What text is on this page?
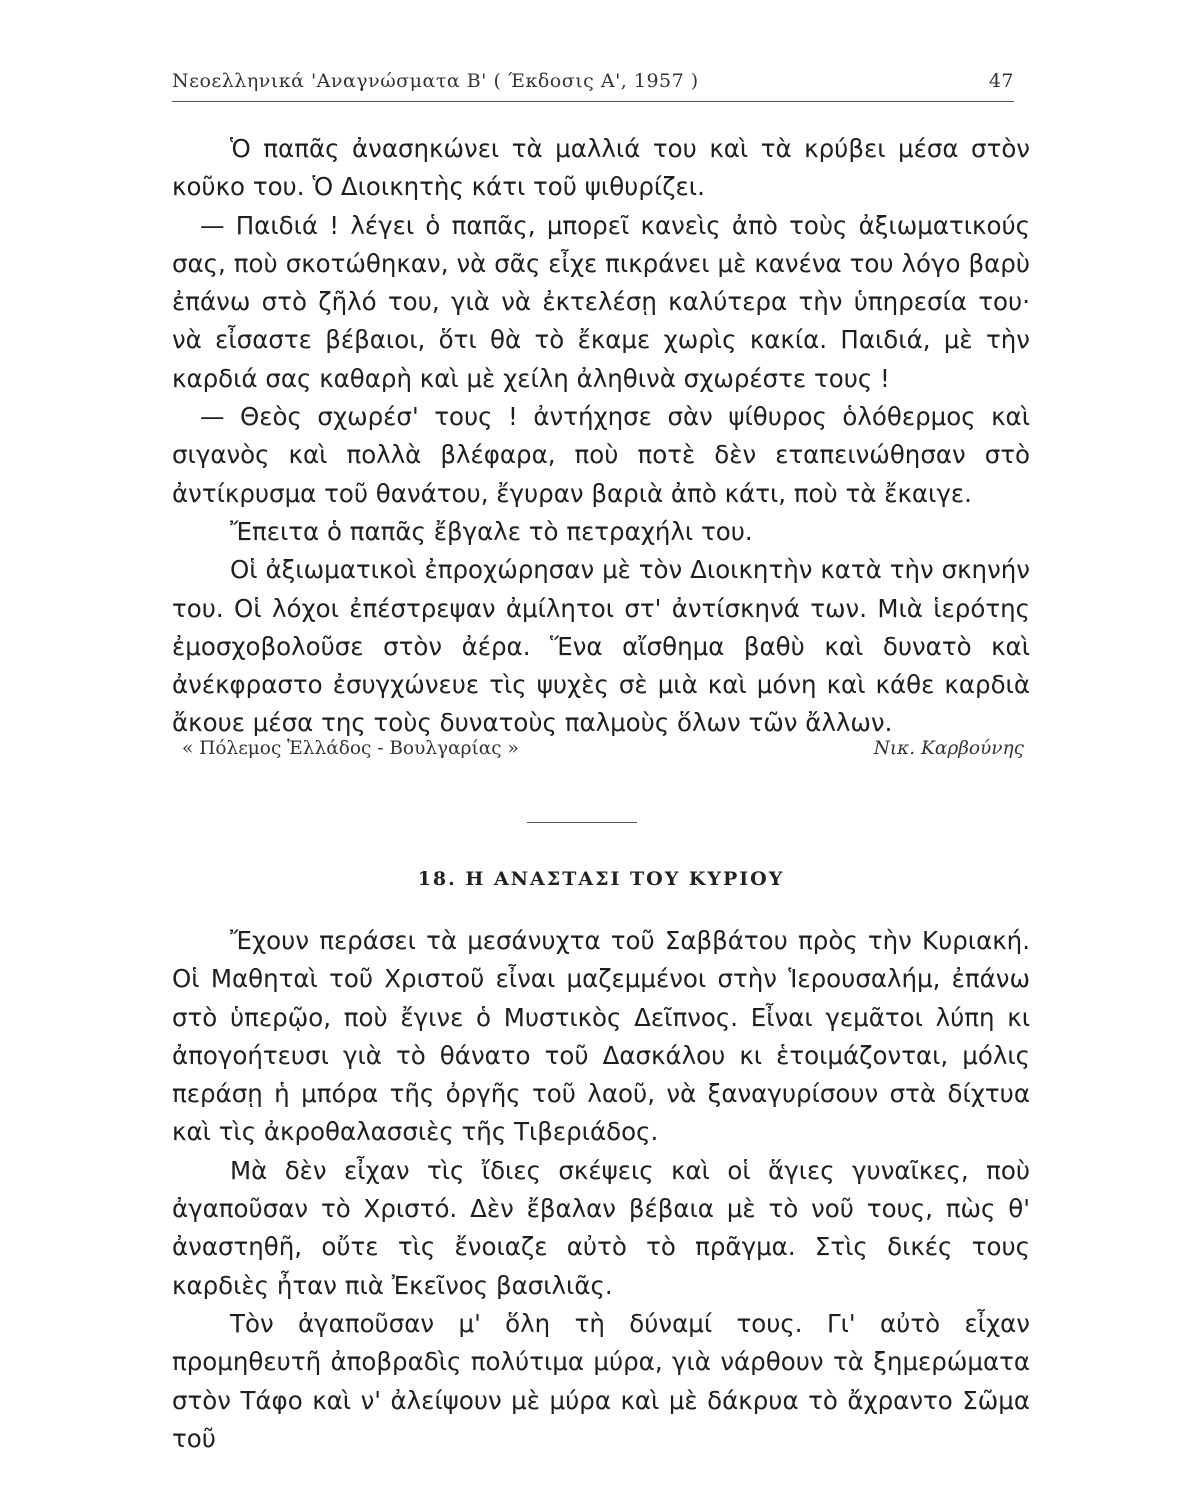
Νεοελληνικά 'Αναγνώσματα Β' ( Έκδοσις Α', 1957 )	47

Ὁ παπᾶς ἀνασηκώνει τὰ μαλλιά του καὶ τὰ κρύβει μέσα στὸν κοῦκο του. Ὁ Διοικητὴς κάτι τοῦ ψιθυρίζει.

— Παιδιά ! λέγει ὁ παπᾶς, μπορεῖ κανεὶς ἀπὸ τοὺς ἀξιωματικούς σας, ποὺ σκοτώθηκαν, νὰ σᾶς εἶχε πικράνει μὲ κανένα του λόγο βαρὺ ἐπάνω στὸ ζῆλό του, γιὰ νὰ ἐκτελέσῃ καλύτερα τὴν ὑπηρεσία του· νὰ εἶσαστε βέβαιοι, ὅτι θὰ τὸ ἔκαμε χωρὶς κακία. Παιδιά, μὲ τὴν καρδιά σας καθαρὴ καὶ μὲ χείλη ἀληθινὰ σχωρέστε τους !

— Θεὸς σχωρέσ' τους ! ἀντήχησε σὰν ψίθυρος ὁλόθερμος καὶ σιγανὸς καὶ πολλὰ βλέφαρα, ποὺ ποτὲ δὲν εταπεινώθησαν στὸ ἀντίκρυσμα τοῦ θανάτου, ἔγυραν βαριὰ ἀπὸ κάτι, ποὺ τὰ ἔκαιγε.

Ἔπειτα ὁ παπᾶς ἔβγαλε τὸ πετραχήλι του.

Οἱ ἀξιωματικοὶ ἐπροχώρησαν μὲ τὸν Διοικητὴν κατὰ τὴν σκηνήν του. Οἱ λόχοι ἐπέστρεψαν ἀμίλητοι στ' ἀντίσκηνά των. Μιὰ ἱερότης ἐμοσχοβολοῦσε στὸν ἀέρα. Ἕνα αἴσθημα βαθὺ καὶ δυνατὸ καὶ ἀνέκφραστο ἐσυγχώνευε τὶς ψυχὲς σὲ μιὰ καὶ μόνη καὶ κάθε καρδιὰ ἄκουε μέσα της τοὺς δυνατοὺς παλμοὺς ὅλων τῶν ἄλλων.

« Πόλεμος Ἑλλάδος - Βουλγαρίας »	Νικ. Καρβούνης
18. Η ΑΝΑΣΤΑΣΙ ΤΟΥ ΚΥΡΙΟΥ

Ἔχουν περάσει τὰ μεσάνυχτα τοῦ Σαββάτου πρὸς τὴν Κυριακή. Οἱ Μαθηταὶ τοῦ Χριστοῦ εἶναι μαζεμμένοι στὴν Ἱερουσαλήμ, ἐπάνω στὸ ὑπερῷο, ποὺ ἔγινε ὁ Μυστικὸς Δεῖπνος. Εἶναι γεμᾶτοι λύπη κι ἀπογοήτευσι γιὰ τὸ θάνατο τοῦ Δασκάλου κι ἑτοιμάζονται, μόλις περάσῃ ἡ μπόρα τῆς ὀργῆς τοῦ λαοῦ, νὰ ξαναγυρίσουν στὰ δίχτυα καὶ τὶς ἀκροθαλασσιὲς τῆς Τιβεριάδος.

Μὰ δὲν εἶχαν τὶς ἴδιες σκέψεις καὶ οἱ ἅγιες γυναῖκες, ποὺ ἀγαποῦσαν τὸ Χριστό. Δὲν ἔβαλαν βέβαια μὲ τὸ νοῦ τους, πὼς θ' ἀναστηθῆ, οὔτε τὶς ἔνοιαζε αὐτὸ τὸ πρᾶγμα. Στὶς δικές τους καρδιὲς ἦταν πιὰ Ἐκεῖνος βασιλιᾶς.

Τὸν ἀγαποῦσαν μ' ὅλη τὴ δύναμί τους. Γι' αὐτὸ εἶχαν προμηθευτῆ ἀποβραδὶς πολύτιμα μύρα, γιὰ νάρθουν τὰ ξημερώματα στὸν Τάφο καὶ ν' ἀλείψουν μὲ μύρα καὶ μὲ δάκρυα τὸ ἄχραντο Σῶμα τοῦ
